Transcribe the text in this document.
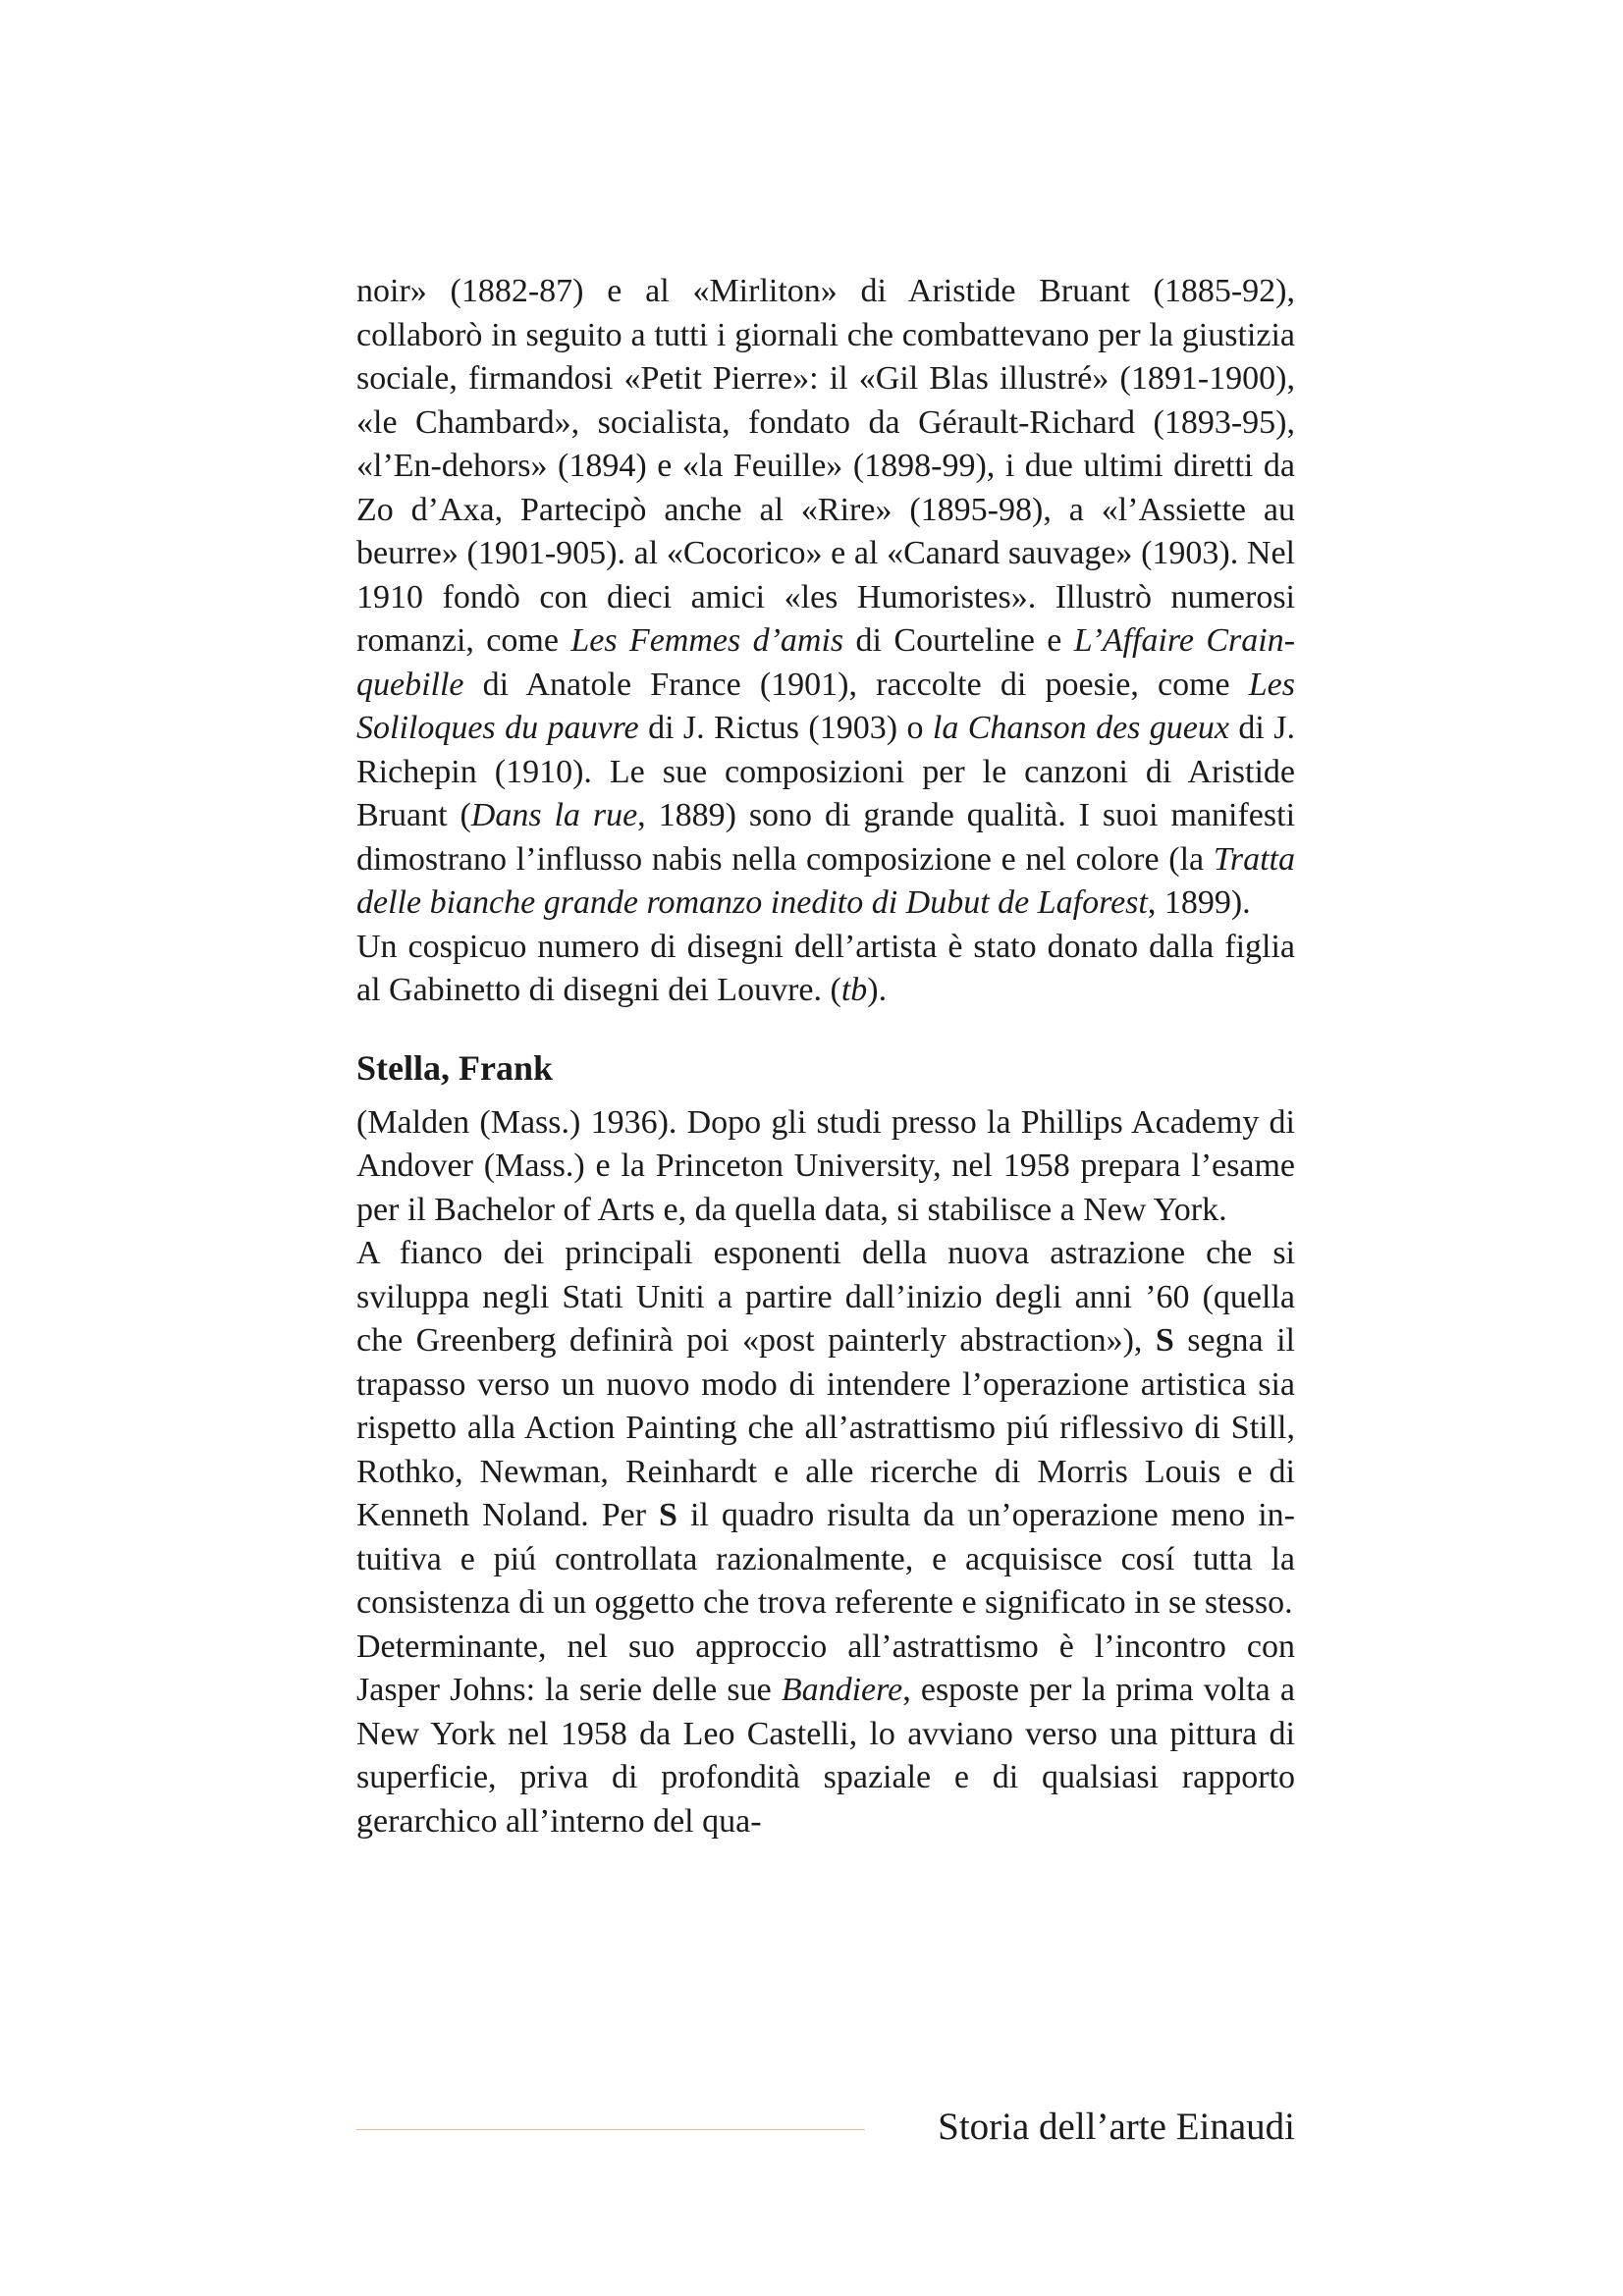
noir» (1882-87) e al «Mirliton» di Aristide Bruant (1885-92), collaborò in seguito a tutti i giornali che combattevano per la giustizia sociale, firmandosi «Petit Pierre»: il «Gil Blas illustré» (1891-1900), «le Chambard», socialista, fondato da Gérault-Richard (1893-95), «l’En-dehors» (1894) e «la Feuille» (1898-99), i due ultimi diretti da Zo d’Axa, Partecipò anche al «Rire» (1895-98), a «l’Assiette au beurre» (1901-905). al «Cocorico» e al «Canard sauvage» (1903). Nel 1910 fondò con dieci amici «les Humoristes». Illustrò numerosi romanzi, come Les Femmes d’amis di Courteline e L’Affaire Crainquebille di Anatole France (1901), raccolte di poesie, come Les Soliloques du pauvre di J. Rictus (1903) o la Chanson des gueux di J. Richepin (1910). Le sue composizioni per le canzoni di Aristide Bruant (Dans la rue, 1889) sono di grande qualità. I suoi manifesti dimostrano l’influsso nabis nella composizione e nel colore (la Tratta delle bianche grande romanzo inedito di Dubut de Laforest, 1899).

Un cospicuo numero di disegni dell’artista è stato donato dalla figlia al Gabinetto di disegni dei Louvre. (tb).

Stella, Frank

(Malden (Mass.) 1936). Dopo gli studi presso la Phillips Academy di Andover (Mass.) e la Princeton University, nel 1958 prepara l’esame per il Bachelor of Arts e, da quella data, si stabilisce a New York.

A fianco dei principali esponenti della nuova astrazione che si sviluppa negli Stati Uniti a partire dall’inizio degli anni ’60 (quella che Greenberg definirà poi «post painterly abstraction»), S segna il trapasso verso un nuovo modo di intendere l’operazione artistica sia rispetto alla Action Painting che all’astrattismo piú riflessivo di Still, Rothko, Newman, Reinhardt e alle ricerche di Morris Louis e di Kenneth Noland. Per S il quadro risulta da un’operazione meno intuitiva e piú controllata razionalmente, e acquisisce cosí tutta la consistenza di un oggetto che trova referente e significato in se stesso.

Determinante, nel suo approccio all’astrattismo è l’incontro con Jasper Johns: la serie delle sue Bandiere, esposte per la prima volta a New York nel 1958 da Leo Castelli, lo avviano verso una pittura di superficie, priva di profondità spaziale e di qualsiasi rapporto gerarchico all’interno del qua-

Storia dell’arte Einaudi
